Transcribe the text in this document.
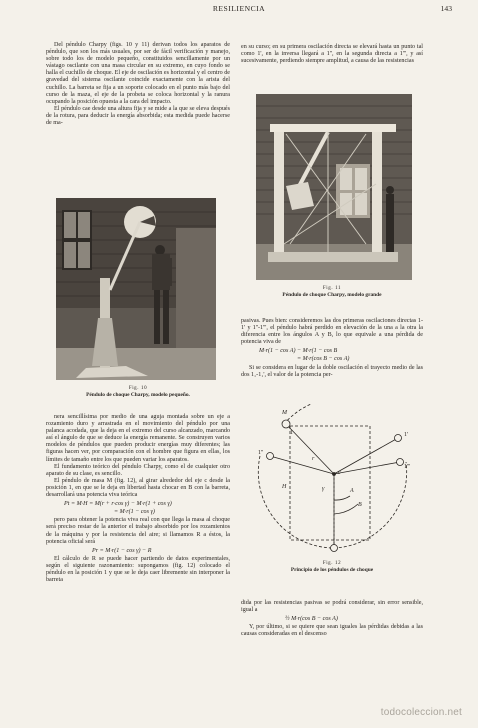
RESILIENCIA	143

Del péndulo Charpy (figs. 10 y 11) derivan todos los aparatos de péndulo, que son los más usuales, por ser de fácil verificación y manejo, sobre todo los de modelo pequeño, constituidos sencillamente por un vástago oscilante con una masa circular en su extremo, en cuyo fondo se halla el cuchillo de choque. El eje de oscilación es horizontal y el centro de gravedad del sistema oscilante coincide exactamente con la arista del cuchillo. La barreta se fija a un soporte colocado en el punto más bajo del curso de la maza, el eje de la probeta se coloca horizontal y la ranura ocupando la posición opuesta a la cara del impacto.

El péndulo cae desde una altura fija y se mide a la que se eleva después de la rotura, para deducir la energía absorbida; esta medida puede hacerse de ma-

Fig. 10
Péndulo de choque Charpy, modelo pequeño.

nera sencillísima por medio de una aguja montada sobre un eje a rozamiento duro y arrastrada en el movimiento del péndulo por una palanca acodada, que la deja en el extremo del curso alcanzado, marcando así el ángulo de que se deduce la energía remanente. Se construyen varios modelos de péndulos que pueden producir energías muy diferentes; las figuras hacen ver, por comparación con el hombre que figura en ellas, los límites de tamaño entre los que pueden variar los aparatos.

El fundamento teórico del péndulo Charpy, como el de cualquier otro aparato de su clase, es sencillo.

El péndulo de masa M (fig. 12), al girar alrededor del eje c desde la posición 1, en que se le deja en libertad hasta chocar en B con la barreta, desarrollará una potencia viva teórica

Pt = M·H = M(r + r·cos γ) − M·r(1 + cos γ)
= M·r(1 − cos γ)

pero para obtener la potencia viva real con que llega la masa al choque será preciso restar de la anterior el trabajo absorbido por los rozamientos de la máquina y por la resistencia del aire; si llamamos R a éstos, la potencia oficial será

Pr = M·r(1 − cos γ) − R

El cálculo de R se puede hacer partiendo de datos experimentales, según el siguiente razonamiento: supongamos (fig. 12) colocado el péndulo en la posición 1 y que se le deja caer libremente sin interponer la barreta

en su curso; en su primera oscilación directa se elevará hasta un punto tal como 1', en la inversa llegará a 1'', en la segunda directa a 1''', y así sucesivamente, perdiendo siempre amplitud, a causa de las resistencias

Fig. 11
Péndulo de choque Charpy, modelo grande

pasivas. Pues bien: consideremos las dos primeras oscilaciones directas 1-1' y 1''-1''', el péndulo habrá perdido en elevación de la una a la otra la diferencia entre los ángulos A y B, lo que equivale a una pérdida de potencia viva de

M·r(1 − cos A) − M·r(1 − cos B
= M·r(cos B − cos A)

Si se considera en lugar de la doble oscilación el trayecto medio de las dos 1₁-1₁', el valor de la potencia per-

M
1	1'
1''
1'''
A
B
r
γ
c
H
Fig. 12
Principio de los péndulos de choque

dida por las resistencias pasivas se podrá considerar, sin error sensible, igual a

½ M·r(cos B − cos A)

Y, por último, si se quiere que sean iguales las pérdidas debidas a las causas consideradas en el descenso

todocoleccion.net
